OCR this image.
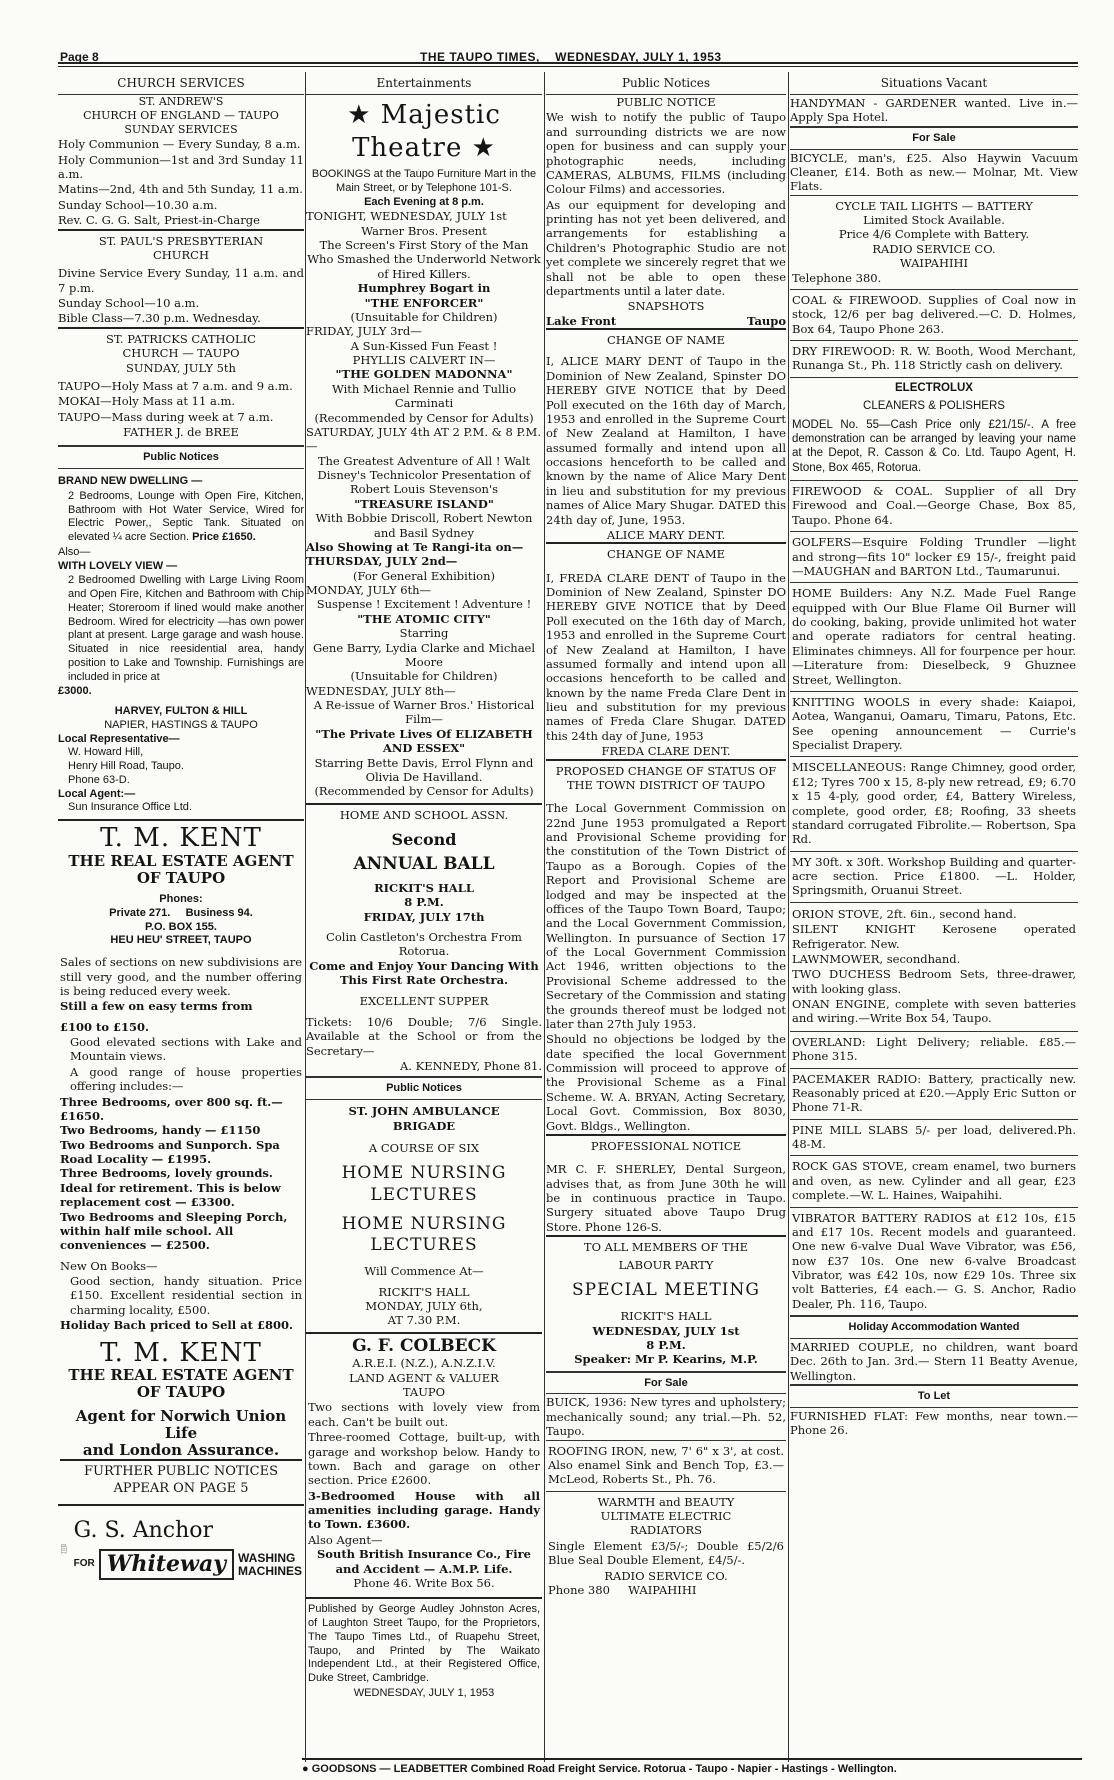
Page 8	THE TAUPO TIMES, WEDNESDAY, JULY 1, 1953
CHURCH SERVICES
ST. ANDREW'S
CHURCH OF ENGLAND — TAUPO
SUNDAY SERVICES
Holy Communion — Every Sunday, 8 a.m.
Holy Communion—1st and 3rd Sunday 11 a.m.
Matins—2nd, 4th and 5th Sunday, 11 a.m.
Sunday School—10.30 a.m.
Rev. C. G. G. Salt, Priest-in-Charge
ST. PAUL'S PRESBYTERIAN
CHURCH
Divine Service Every Sunday, 11 a.m. and 7 p.m.
Sunday School—10 a.m.
Bible Class—7.30 p.m. Wednesday.
ST. PATRICKS CATHOLIC
CHURCH — TAUPO
SUNDAY, JULY 5th
TAUPO—Holy Mass at 7 a.m. and 9 a.m.
MOKAI—Holy Mass at 11 a.m.
TAUPO—Mass during week at 7 a.m.
FATHER J. de BREE
Public Notices
BRAND NEW DWELLING —
2 Bedrooms, Lounge with Open Fire, Kitchen, Bathroom with Hot Water Service, Wired for Electric Power,, Septic Tank. Situated on elevated ¼ acre Section. Price £1650.
Also—
WITH LOVELY VIEW —
2 Bedroomed Dwelling with Large Living Room and Open Fire, Kitchen and Bathroom with Chip Heater; Storeroom if lined would make another Bedroom. Wired for electricity —has own power plant at present. Large garage and wash house. Situated in nice reesidential area, handy position to Lake and Township. Furnishings are included in price at
£3000.
HARVEY, FULTON & HILL
NAPIER, HASTINGS & TAUPO
Local Representative—
W. Howard Hill,
Henry Hill Road, Taupo.
Phone 63-D.
Local Agent:—
Sun Insurance Office Ltd.
T. M. KENT
THE REAL ESTATE AGENT
OF TAUPO
Phones:
Private 271. Business 94.
P.O. BOX 155.
HEU HEU' STREET, TAUPO
Sales of sections on new subdivisions are still very good, and the number offering is being reduced every week.
Still a few on easy terms from
£100 to £150.
Good elevated sections with Lake and Mountain views.
A good range of house properties offering includes:—
Three Bedrooms, over 800 sq. ft.— £1650.
Two Bedrooms, handy — £1150
Two Bedrooms and Sunporch. Spa Road Locality — £1995.
Three Bedrooms, lovely grounds. Ideal for retirement. This is below replacement cost — £3300.
Two Bedrooms and Sleeping Porch, within half mile school. All conveniences — £2500.
New On Books—
Good section, handy situation. Price £150. Excellent residential section in charming locality, £500.
Holiday Bach priced to Sell at £800.
T. M. KENT
THE REAL ESTATE AGENT
OF TAUPO
Agent for Norwich Union Life
and London Assurance.
FURTHER PUBLIC NOTICES
APPEAR ON PAGE 5
G. S. Anchor
FOR Whiteway	WASHING
MACHINES
Entertainments
★ Majestic Theatre ★
BOOKINGS at the Taupo Furniture Mart in the Main Street, or by Telephone 101-S.
Each Evening at 8 p.m.
TONIGHT, WEDNESDAY, JULY 1st
Warner Bros. Present
The Screen's First Story of the Man Who Smashed the Underworld Network of Hired Killers.
Humphrey Bogart in
"THE ENFORCER"
(Unsuitable for Children)
FRIDAY, JULY 3rd—
A Sun-Kissed Fun Feast !
PHYLLIS CALVERT IN—
"THE GOLDEN MADONNA"
With Michael Rennie and Tullio Carminati
(Recommended by Censor for Adults)
SATURDAY, JULY 4th AT 2 P.M. & 8 P.M. —
The Greatest Adventure of All ! Walt Disney's Technicolor Presentation of Robert Louis Stevenson's
"TREASURE ISLAND"
With Bobbie Driscoll, Robert Newton and Basil Sydney
Also Showing at Te Rangi-ita on— THURSDAY, JULY 2nd—
(For General Exhibition)
MONDAY, JULY 6th—
Suspense ! Excitement ! Adventure !
"THE ATOMIC CITY"
Starring
Gene Barry, Lydia Clarke and Michael Moore
(Unsuitable for Children)
WEDNESDAY, JULY 8th—
A Re-issue of Warner Bros.' Historical Film—
"The Private Lives Of ELIZABETH AND ESSEX"
Starring Bette Davis, Errol Flynn and Olivia De Havilland.
(Recommended by Censor for Adults)
HOME AND SCHOOL ASSN.
Second
ANNUAL BALL
RICKIT'S HALL
8 P.M.
FRIDAY, JULY 17th
Colin Castleton's Orchestra From Rotorua.
Come and Enjoy Your Dancing With This First Rate Orchestra.
EXCELLENT SUPPER
Tickets: 10/6 Double; 7/6 Single. Available at the School or from the Secretary—
A. KENNEDY, Phone 81.
Public Notices
ST. JOHN AMBULANCE
BRIGADE
A COURSE OF SIX
HOME NURSING LECTURES
HOME NURSING LECTURES
Will Commence At—
RICKIT'S HALL
MONDAY, JULY 6th,
AT 7.30 P.M.
G. F. COLBECK
A.R.E.I. (N.Z.), A.N.Z.I.V.
LAND AGENT & VALUER
TAUPO
Two sections with lovely view from each. Can't be built out.
Three-roomed Cottage, built-up, with garage and workshop below. Handy to town. Bach and garage on other section. Price £2600.
3-Bedroomed House with all amenities including garage. Handy to Town. £3600.
Also Agent—
South British Insurance Co., Fire and Accident — A.M.P. Life.
Phone 46. Write Box 56.
Published by George Audley Johnston Acres, of Laughton Street Taupo, for the Proprietors, The Taupo Times Ltd., of Ruapehu Street, Taupo, and Printed by The Waikato Independent Ltd., at their Registered Office, Duke Street, Cambridge.
WEDNESDAY, JULY 1, 1953
Public Notices
PUBLIC NOTICE
We wish to notify the public of Taupo and surrounding districts we are now open for business and can supply your photographic needs, including CAMERAS, ALBUMS, FILMS (including Colour Films) and accessories.
As our equipment for developing and printing has not yet been delivered, and arrangements for establishing a Children's Photographic Studio are not yet complete we sincerely regret that we shall not be able to open these departments until a later date.
SNAPSHOTS
Lake Front	Taupo
CHANGE OF NAME
I, ALICE MARY DENT of Taupo in the Dominion of New Zealand, Spinster DO HEREBY GIVE NOTICE that by Deed Poll executed on the 16th day of March, 1953 and enrolled in the Supreme Court of New Zealand at Hamilton, I have assumed formally and intend upon all occasions henceforth to be called and known by the name of Alice Mary Dent in lieu and substitution for my previous names of Alice Mary Shugar. DATED this 24th day of, June, 1953.
ALICE MARY DENT.
CHANGE OF NAME
I, FREDA CLARE DENT of Taupo in the Dominion of New Zealand, Spinster DO HEREBY GIVE NOTICE that by Deed Poll executed on the 16th day of March, 1953 and enrolled in the Supreme Court of New Zealand at Hamilton, I have assumed formally and intend upon all occasions henceforth to be called and known by the name Freda Clare Dent in lieu and substitution for my previous names of Freda Clare Shugar. DATED this 24th day of June, 1953
FREDA CLARE DENT.
PROPOSED CHANGE OF STATUS OF THE TOWN DISTRICT OF TAUPO
The Local Government Commission on 22nd June 1953 promulgated a Report and Provisional Scheme providing for the constitution of the Town District of Taupo as a Borough. Copies of the Report and Provisional Scheme are lodged and may be inspected at the offices of the Taupo Town Board, Taupo; and the Local Government Commission, Wellington. In pursuance of Section 17 of the Local Government Commission Act 1946, written objections to the Provisional Scheme addressed to the Secretary of the Commission and stating the grounds thereof must be lodged not later than 27th July 1953.
Should no objections be lodged by the date specified the local Government Commission will proceed to approve of the Provisional Scheme as a Final Scheme. W. A. BRYAN, Acting Secretary, Local Govt. Commission, Box 8030, Govt. Bldgs., Wellington.
PROFESSIONAL NOTICE
MR C. F. SHERLEY, Dental Surgeon, advises that, as from June 30th he will be in continuous practice in Taupo. Surgery situated above Taupo Drug Store. Phone 126-S.
TO ALL MEMBERS OF THE
LABOUR PARTY
SPECIAL MEETING
RICKIT'S HALL
WEDNESDAY, JULY 1st
8 P.M.
Speaker: Mr P. Kearins, M.P.
For Sale
BUICK, 1936: New tyres and upholstery; mechanically sound; any trial.—Ph. 52, Taupo.
ROOFING IRON, new, 7' 6" x 3', at cost. Also enamel Sink and Bench Top, £3.—McLeod, Roberts St., Ph. 76.
WARMTH and BEAUTY
ULTIMATE ELECTRIC
RADIATORS
Single Element £3/5/-; Double £5/2/6 Blue Seal Double Element, £4/5/-.
RADIO SERVICE CO.
Phone 380 WAIPAHIHI
Situations Vacant
HANDYMAN - GARDENER wanted. Live in.—Apply Spa Hotel.
For Sale
BICYCLE, man's, £25. Also Haywin Vacuum Cleaner, £14. Both as new.— Molnar, Mt. View Flats.
CYCLE TAIL LIGHTS — BATTERY
Limited Stock Available.
Price 4/6 Complete with Battery.
RADIO SERVICE CO.
WAIPAHIHI
Telephone 380.
COAL & FIREWOOD. Supplies of Coal now in stock, 12/6 per bag delivered.—C. D. Holmes, Box 64, Taupo Phone 263.
DRY FIREWOOD: R. W. Booth, Wood Merchant, Runanga St., Ph. 118 Strictly cash on delivery.
ELECTROLUX
CLEANERS & POLISHERS
MODEL No. 55—Cash Price only £21/15/-. A free demonstration can be arranged by leaving your name at the Depot, R. Casson & Co. Ltd. Taupo Agent, H. Stone, Box 465, Rotorua.
FIREWOOD & COAL. Supplier of all Dry Firewood and Coal.—George Chase, Box 85, Taupo. Phone 64.
GOLFERS—Esquire Folding Trundler —light and strong—fits 10" locker £9 15/-, freight paid—MAUGHAN and BARTON Ltd., Taumarunui.
HOME Builders: Any N.Z. Made Fuel Range equipped with Our Blue Flame Oil Burner will do cooking, baking, provide unlimited hot water and operate radiators for central heating. Eliminates chimneys. All for fourpence per hour.—Literature from: Dieselbeck, 9 Ghuznee Street, Wellington.
KNITTING WOOLS in every shade: Kaiapoi, Aotea, Wanganui, Oamaru, Timaru, Patons, Etc. See opening announcement — Currie's Specialist Drapery.
MISCELLANEOUS: Range Chimney, good order, £12; Tyres 700 x 15, 8-ply new retread, £9; 6.70 x 15 4-ply, good order, £4, Battery Wireless, complete, good order, £8; Roofing, 33 sheets standard corrugated Fibrolite.— Robertson, Spa Rd.
MY 30ft. x 30ft. Workshop Building and quarter-acre section. Price £1800. —L. Holder, Springsmith, Oruanui Street.
ORION STOVE, 2ft. 6in., second hand.
SILENT KNIGHT Kerosene operated Refrigerator. New.
LAWNMOWER, secondhand.
TWO DUCHESS Bedroom Sets, three-drawer, with looking glass.
ONAN ENGINE, complete with seven batteries and wiring.—Write Box 54, Taupo.
OVERLAND: Light Delivery; reliable. £85.—Phone 315.
PACEMAKER RADIO: Battery, practically new. Reasonably priced at £20.—Apply Eric Sutton or Phone 71-R.
PINE MILL SLABS 5/- per load, delivered.Ph. 48-M.
ROCK GAS STOVE, cream enamel, two burners and oven, as new. Cylinder and all gear, £23 complete.—W. L. Haines, Waipahihi.
VIBRATOR BATTERY RADIOS at £12 10s, £15 and £17 10s. Recent models and guaranteed. One new 6-valve Dual Wave Vibrator, was £56, now £37 10s. One new 6-valve Broadcast Vibrator, was £42 10s, now £29 10s. Three six volt Batteries, £4 each.— G. S. Anchor, Radio Dealer, Ph. 116, Taupo.
Holiday Accommodation Wanted
MARRIED COUPLE, no children, want board Dec. 26th to Jan. 3rd.— Stern 11 Beatty Avenue, Wellington.
To Let
FURNISHED FLAT: Few months, near town.—Phone 26.
● GOODSONS — LEADBETTER Combined Road Freight Service. Rotorua - Taupo - Napier - Hastings - Wellington.
